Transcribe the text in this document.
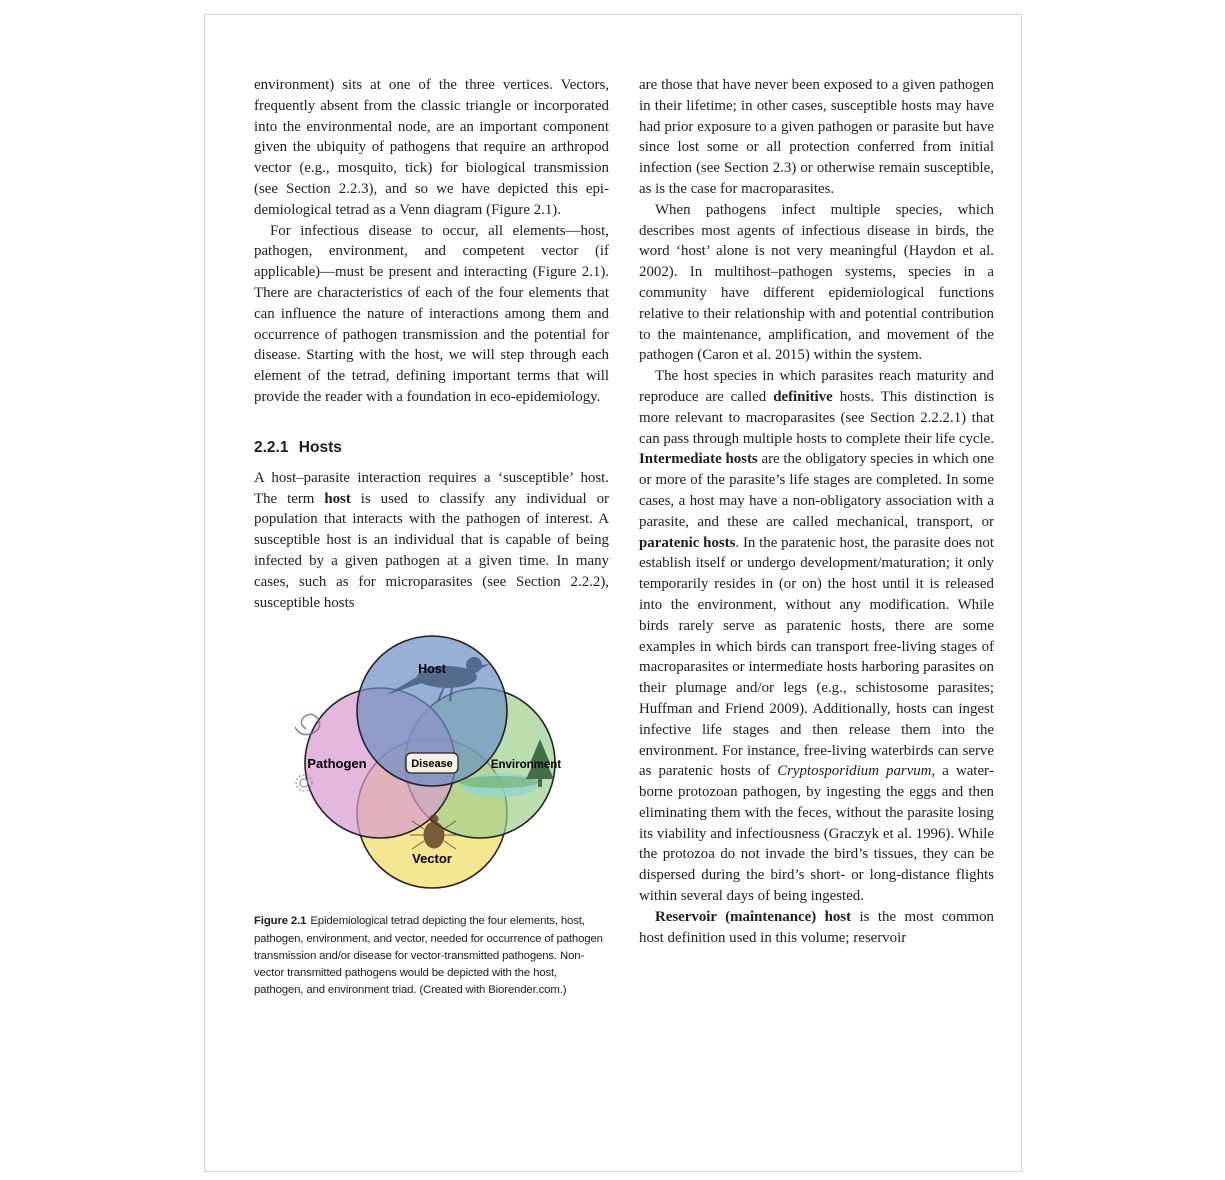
environment) sits at one of the three vertices. Vectors, frequently absent from the classic triangle or incorporated into the environmental node, are an important component given the ubiquity of pathogens that require an arthropod vector (e.g., mosquito, tick) for biological transmission (see Section 2.2.3), and so we have depicted this epidemiological tetrad as a Venn diagram (Figure 2.1).

For infectious disease to occur, all elements—host, pathogen, environment, and competent vector (if applicable)—must be present and interacting (Figure 2.1). There are characteristics of each of the four elements that can influence the nature of interactions among them and occurrence of pathogen transmission and the potential for disease. Starting with the host, we will step through each element of the tetrad, defining important terms that will provide the reader with a foundation in eco-epidemiology.

2.2.1 Hosts

A host–parasite interaction requires a ‘susceptible’ host. The term host is used to classify any individual or population that interacts with the pathogen of interest. A susceptible host is an individual that is capable of being infected by a given pathogen at a given time. In many cases, such as for microparasites (see Section 2.2.2), susceptible hosts

Disease
Host
Pathogen	Environment
Vector
Figure 2.1 Epidemiological tetrad depicting the four elements, host, pathogen, environment, and vector, needed for occurrence of pathogen transmission and/or disease for vector-transmitted pathogens. Non-vector transmitted pathogens would be depicted with the host, pathogen, and environment triad. (Created with Biorender.com.)

are those that have never been exposed to a given pathogen in their lifetime; in other cases, susceptible hosts may have had prior exposure to a given pathogen or parasite but have since lost some or all protection conferred from initial infection (see Section 2.3) or otherwise remain susceptible, as is the case for macroparasites.

When pathogens infect multiple species, which describes most agents of infectious disease in birds, the word ‘host’ alone is not very meaningful (Haydon et al. 2002). In multihost–pathogen systems, species in a community have different epidemiological functions relative to their relationship with and potential contribution to the maintenance, amplification, and movement of the pathogen (Caron et al. 2015) within the system.

The host species in which parasites reach maturity and reproduce are called definitive hosts. This distinction is more relevant to macroparasites (see Section 2.2.2.1) that can pass through multiple hosts to complete their life cycle. Intermediate hosts are the obligatory species in which one or more of the parasite’s life stages are completed. In some cases, a host may have a non-obligatory association with a parasite, and these are called mechanical, transport, or paratenic hosts. In the paratenic host, the parasite does not establish itself or undergo development/maturation; it only temporarily resides in (or on) the host until it is released into the environment, without any modification. While birds rarely serve as paratenic hosts, there are some examples in which birds can transport free-living stages of macroparasites or intermediate hosts harboring parasites on their plumage and/or legs (e.g., schistosome parasites; Huffman and Friend 2009). Additionally, hosts can ingest infective life stages and then release them into the environment. For instance, free-living waterbirds can serve as paratenic hosts of Cryptosporidium parvum, a waterborne protozoan pathogen, by ingesting the eggs and then eliminating them with the feces, without the parasite losing its viability and infectiousness (Graczyk et al. 1996). While the protozoa do not invade the bird’s tissues, they can be dispersed during the bird’s short- or long-distance flights within several days of being ingested.

Reservoir (maintenance) host is the most common host definition used in this volume; reservoir
